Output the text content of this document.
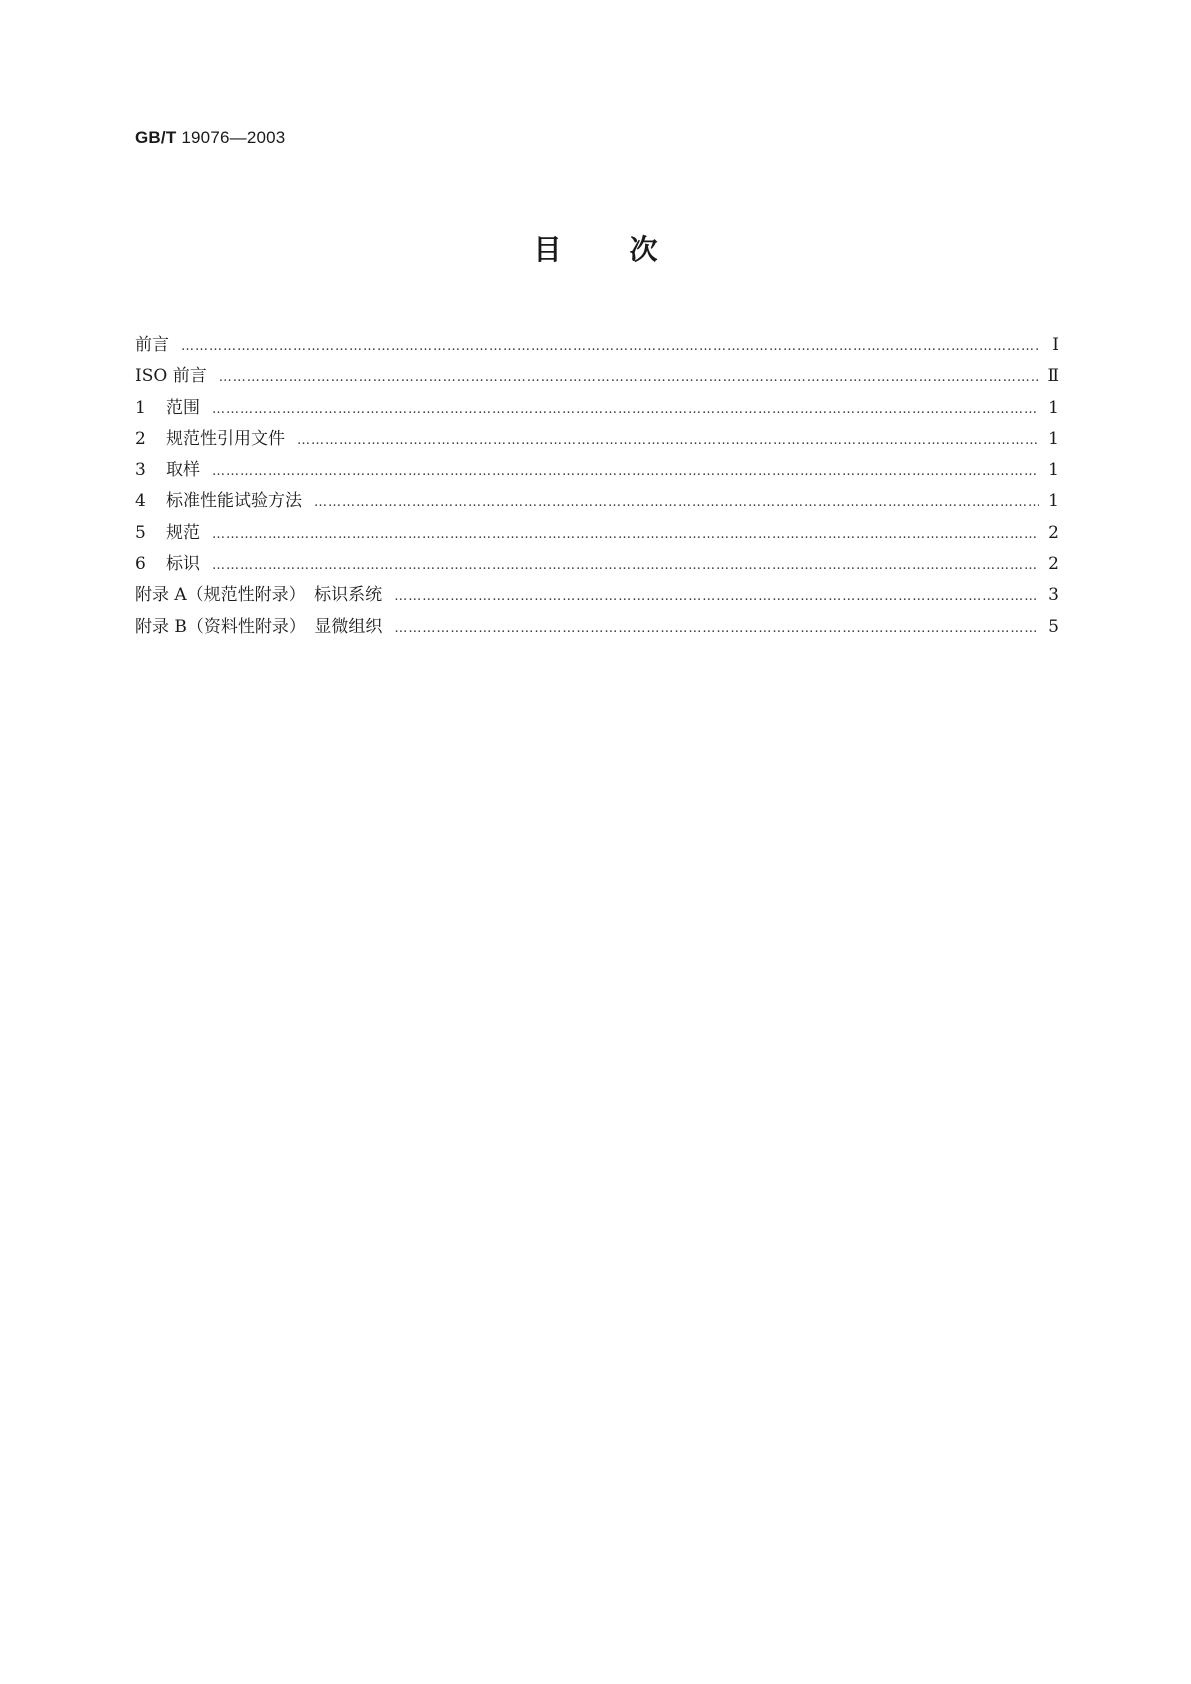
GB/T 19076—2003
目次
前言 …………………………………………………………………………………………………………………………………………………………………………………………………………………………………………	Ⅰ
ISO 前言 …………………………………………………………………………………………………………………………………………………………………………………………………………………………………………	Ⅱ
1	范围 …………………………………………………………………………………………………………………………………………………………………………………………………………………………………………	1
2	规范性引用文件 …………………………………………………………………………………………………………………………………………………………………………………………………………………………………………	1
3	取样 …………………………………………………………………………………………………………………………………………………………………………………………………………………………………………	1
4	标准性能试验方法 …………………………………………………………………………………………………………………………………………………………………………………………………………………………………………	1
5	规范 …………………………………………………………………………………………………………………………………………………………………………………………………………………………………………	2
6	标识 …………………………………………………………………………………………………………………………………………………………………………………………………………………………………………	2
附录 A（规范性附录）　标识系统 …………………………………………………………………………………………………………………………………………………………………………………………………………………………………………	3
附录 B（资料性附录）　显微组织 …………………………………………………………………………………………………………………………………………………………………………………………………………………………………………	5
